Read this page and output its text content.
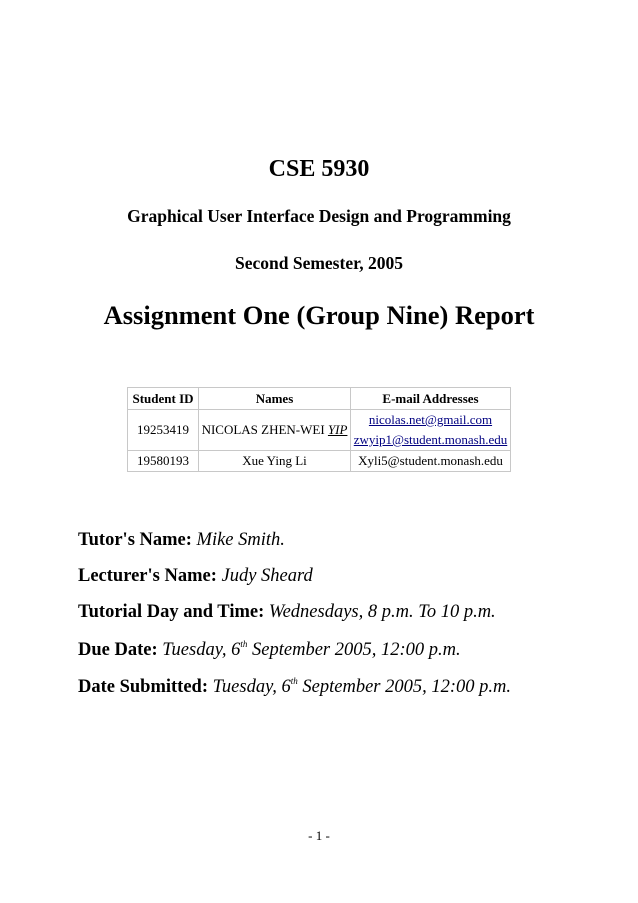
CSE 5930
Graphical User Interface Design and Programming
Second Semester, 2005
Assignment One (Group Nine) Report
Student ID	Names	E-mail Addresses
19253419	NICOLAS ZHEN-WEI YIP	nicolas.net@gmail.com
zwyip1@student.monash.edu

19580193	Xue Ying Li	Xyli5@student.monash.edu
Tutor's Name: Mike Smith.
Lecturer's Name: Judy Sheard
Tutorial Day and Time: Wednesdays, 8 p.m. To 10 p.m.
Due Date: Tuesday, 6th September 2005, 12:00 p.m.
Date Submitted: Tuesday, 6th September 2005, 12:00 p.m.
- 1 -
